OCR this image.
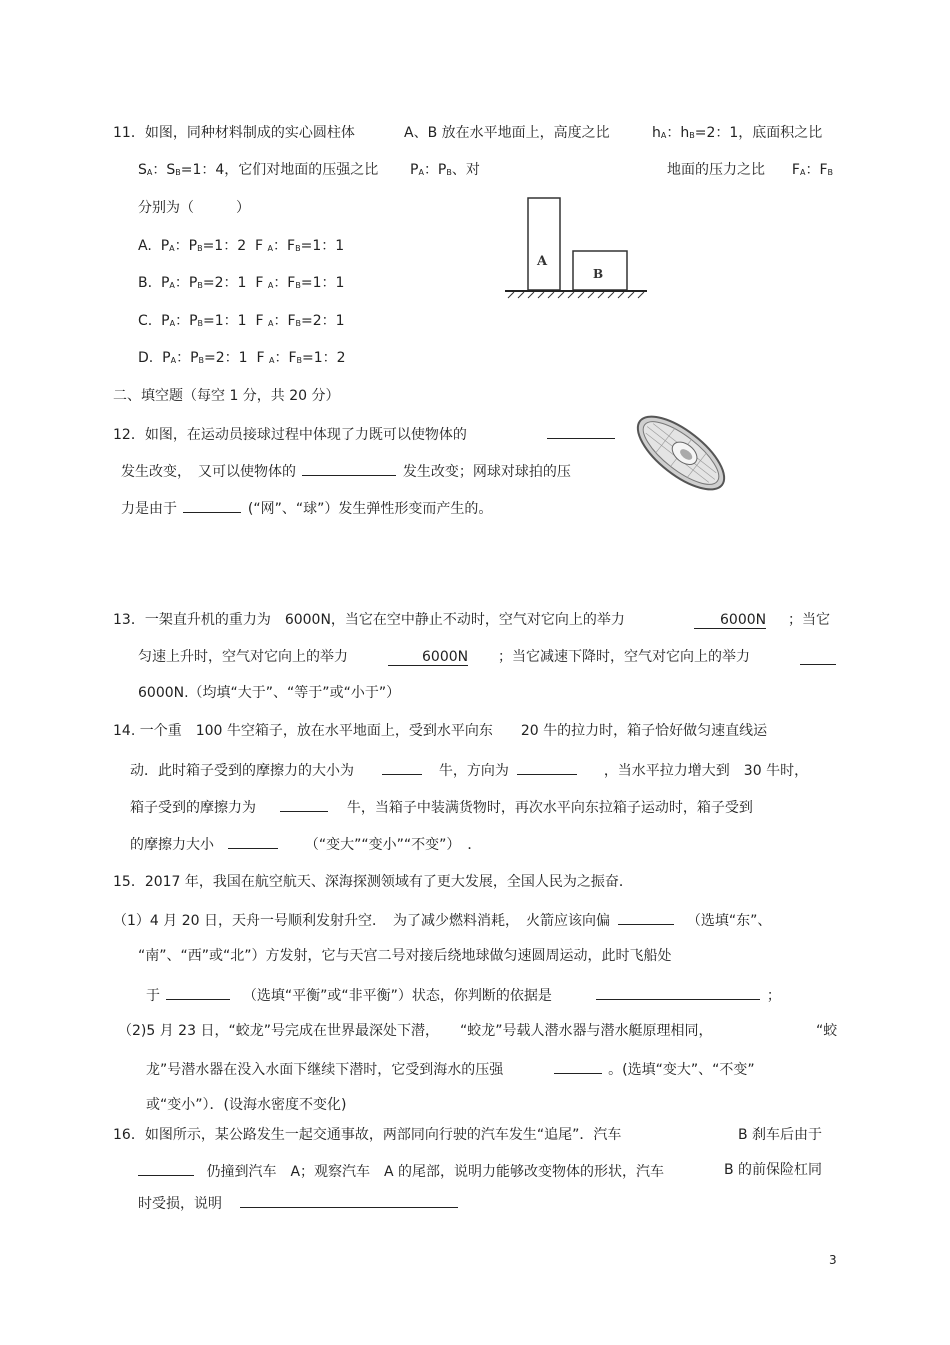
11．如图，同种材料制成的实心圆柱体	A、B 放在水平地面上，高度之比	$h_A$：$h_B=2$：1，底面积之比
$S_A$：$S_B=1$：4，它们对地面的压强之比 $P_A$：$P_B$、对	地面的压力之比 $F_A$：$F_B$
分别为（　　　）
A. $P_A$：$P_B=1$：2 F $_A$：$F_B=1$：1
B. $P_A$：$P_B=2$：1 F $_A$：$F_B=1$：1
C. $P_A$：$P_B=1$：1 F $_A$：$F_B=2$：1
D. $P_A$：$P_B=2$：1 F $_A$：$F_B=1$：2
A
B
二、填空题（每空 1 分，共 20 分）
12．如图，在运动员接球过程中体现了力既可以使物体的
发生改变，　又可以使物体的	发生改变；网球对球拍的压
力是由于	(“网”、“球”）发生弹性形变而产生的。
13．一架直升机的重力为　6000N，当它在空中静止不动时，空气对它向上的举力	6000N ；当它
匀速上升时，空气对它向上的举力	6000N ；当它减速下降时，空气对它向上的举力
6000N.（均填“大于”、“等于”或“小于”）
14. 一个重　100 牛空箱子，放在水平地面上，受到水平向东　　20 牛的拉力时，箱子恰好做匀速直线运
动．此时箱子受到的摩擦力的大小为	牛，方向为	，当水平拉力增大到　30 牛时，
箱子受到的摩擦力为	牛，当箱子中装满货物时，再次水平向东拉箱子运动时，箱子受到
的摩擦力大小	（“变大”“变小”“不变”）　．
15．2017 年，我国在航空航天、深海探测领域有了更大发展，全国人民为之振奋．
（1）4 月 20 日，天舟一号顺利发射升空．　为了减少燃料消耗，　火箭应该向偏	（选填“东”、
“南”、“西”或“北”）方发射，它与天宫二号对接后绕地球做匀速圆周运动，此时飞船处
于	（选填“平衡”或“非平衡”）状态，你判断的依据是	；
（2)5 月 23 日，“蛟龙”号完成在世界最深处下潜，　　“蛟龙”号载人潜水器与潜水艇原理相同，	“蛟
龙”号潜水器在没入水面下继续下潜时，它受到海水的压强	。(选填“变大”、“不变”
或“变小”）．(设海水密度不变化)
16．如图所示，某公路发生一起交通事故，两部同向行驶的汽车发生“追尾”．汽车	B 刹车后由于
仍撞到汽车　A；观察汽车　A 的尾部，说明力能够改变物体的形状，汽车	B 的前保险杠同
时受损，说明
3
